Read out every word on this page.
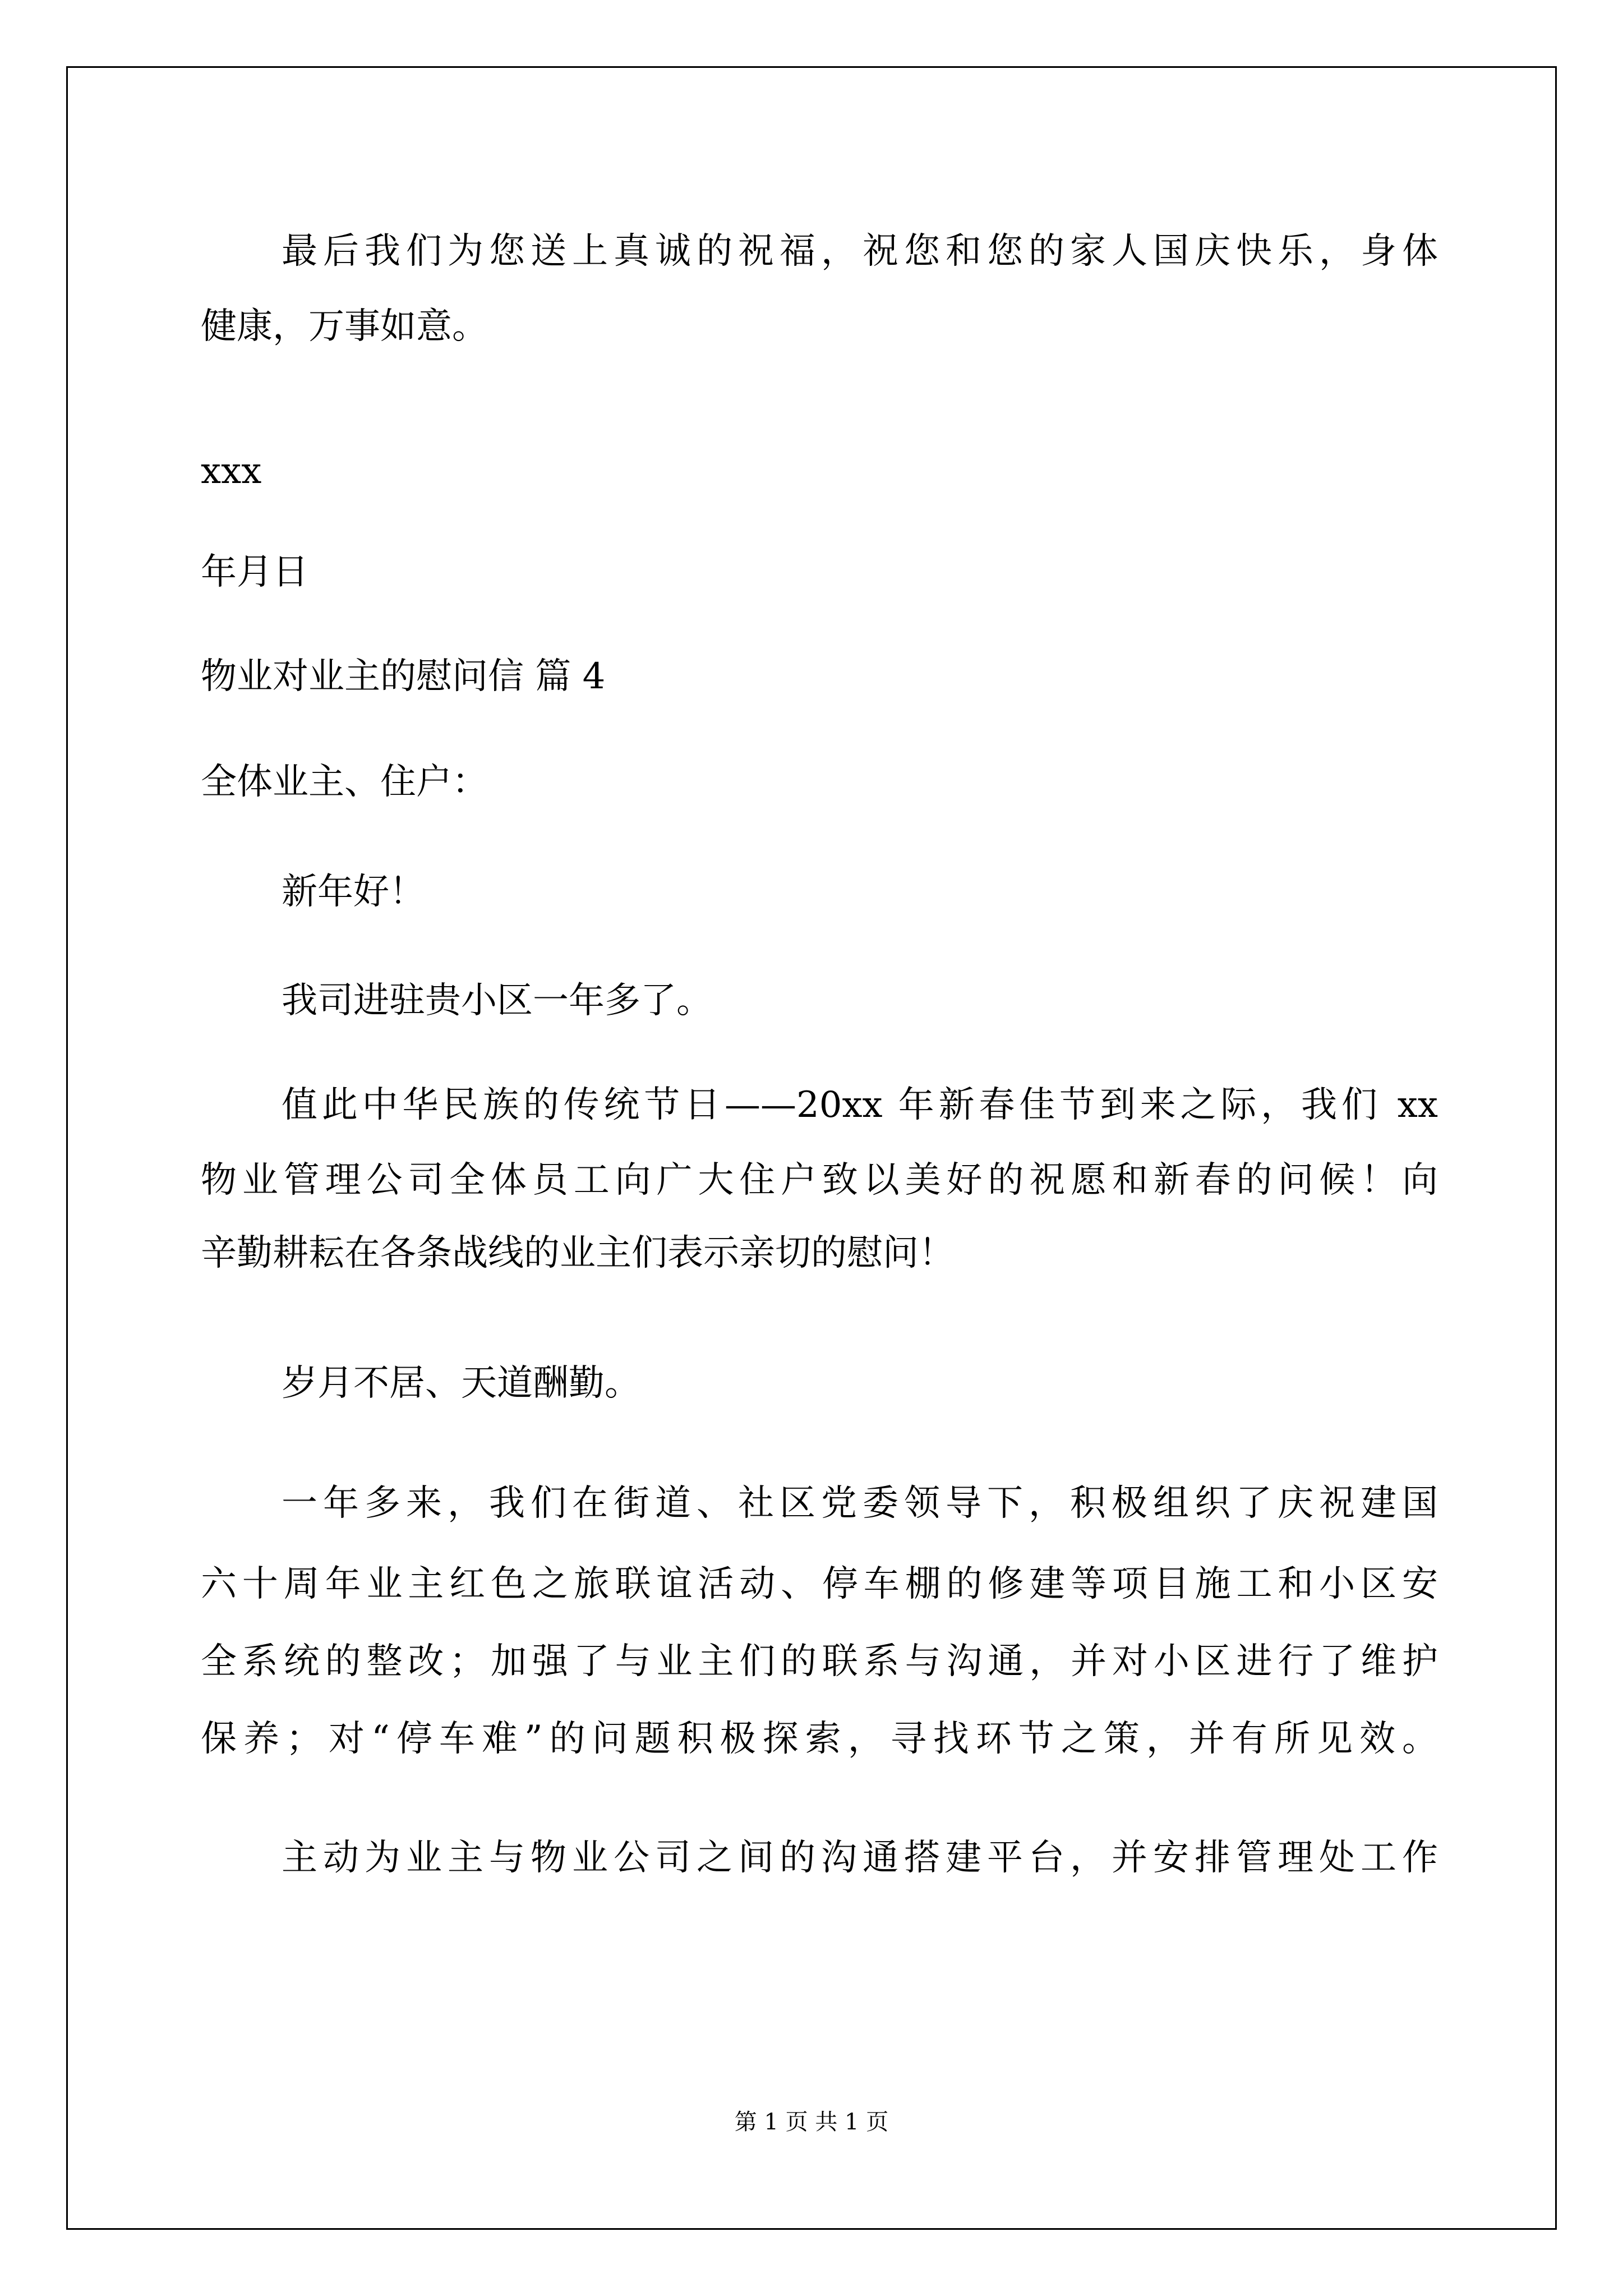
最后我们为您送上真诚的祝福，祝您和您的家人国庆快乐，身体
健康，万事如意。
xxx
年月日
物业对业主的慰问信 篇 4
全体业主、住户：
新年好！
我司进驻贵小区一年多了。
值此中华民族的传统节日——20xx 年新春佳节到来之际，我们 xx
物业管理公司全体员工向广大住户致以美好的祝愿和新春的问候！向
辛勤耕耘在各条战线的业主们表示亲切的慰问！
岁月不居、天道酬勤。
一年多来，我们在街道、社区党委领导下，积极组织了庆祝建国
六十周年业主红色之旅联谊活动、停车棚的修建等项目施工和小区安
全系统的整改；加强了与业主们的联系与沟通，并对小区进行了维护
保养；对“停车难”的问题积极探索，寻找环节之策，并有所见效。
主动为业主与物业公司之间的沟通搭建平台，并安排管理处工作
第 1 页 共 1 页
